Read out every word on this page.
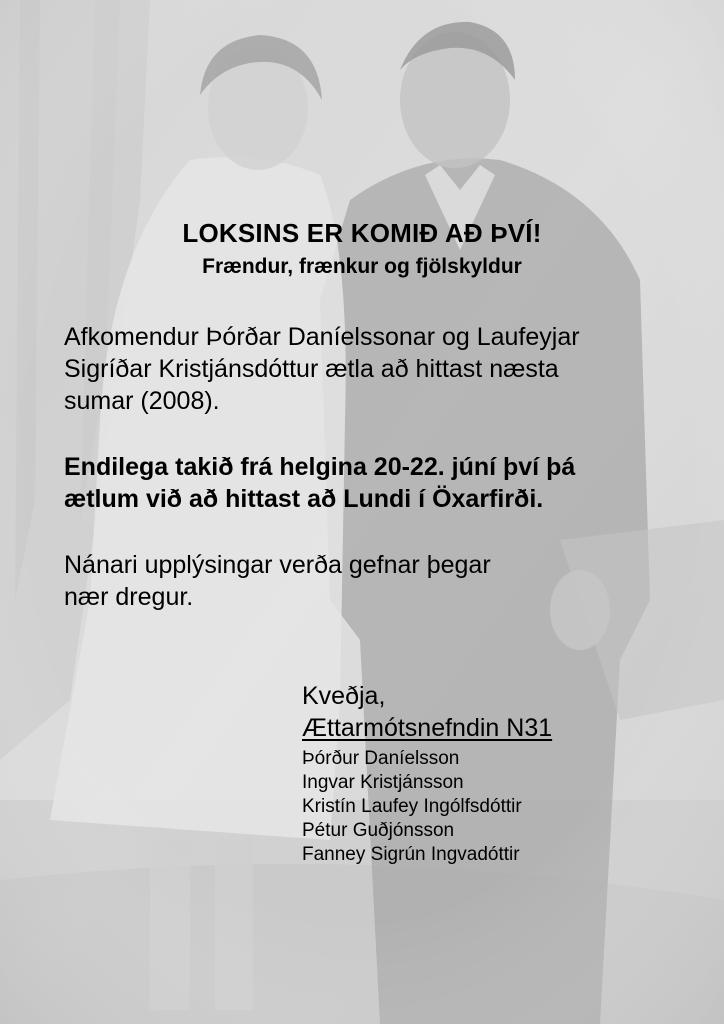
LOKSINS ER KOMIÐ AÐ ÞVÍ!
Frændur, frænkur og fjölskyldur
Afkomendur Þórðar Daníelssonar og Laufeyjar
Sigríðar Kristjánsdóttur ætla að hittast næsta
sumar (2008).
Endilega takið frá helgina 20-22. júní því þá
ætlum við að hittast að Lundi í Öxarfirði.
Nánari upplýsingar verða gefnar þegar
nær dregur.
Kveðja,
Ættarmótsnefndin N31
Þórður Daníelsson
Ingvar Kristjánsson
Kristín Laufey Ingólfsdóttir
Pétur Guðjónsson
Fanney Sigrún Ingvadóttir
